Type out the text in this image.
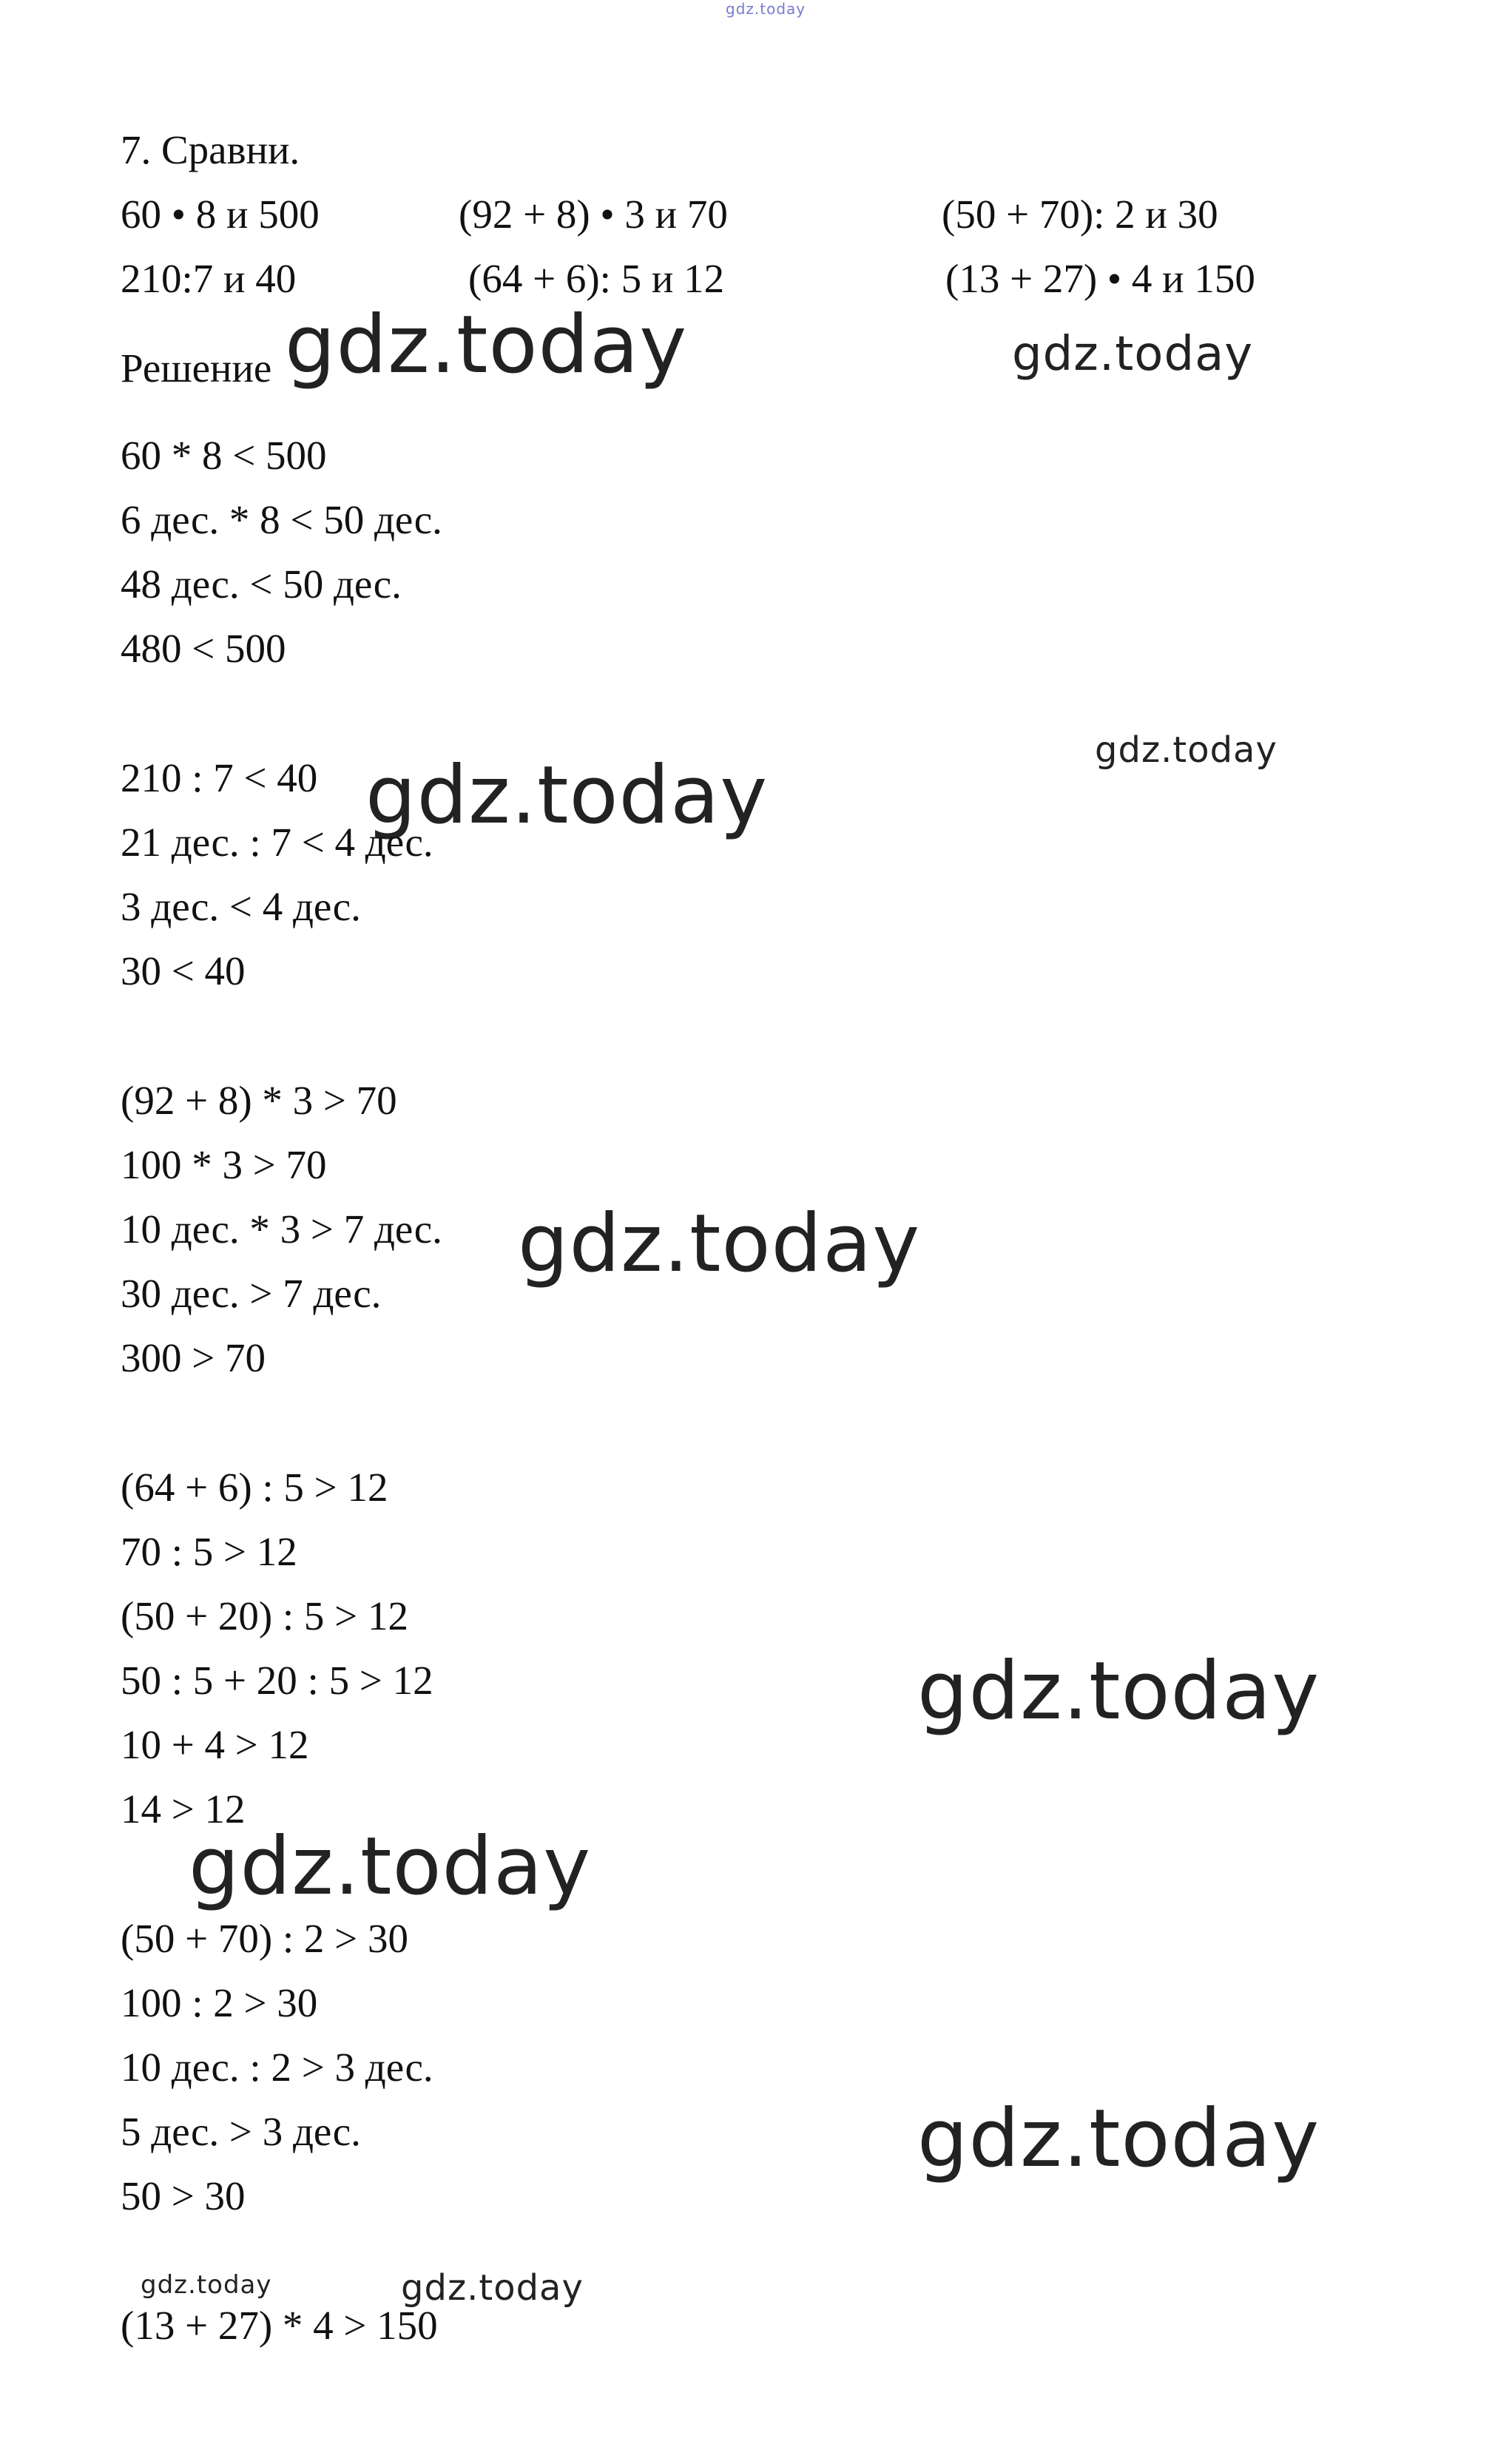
gdz.today
gdz.today	gdz.today
gdz.today
gdz.today
gdz.today
gdz.today
gdz.today
gdz.today
gdz.today	gdz.today
7. Сравни.
60 • 8 и 500	(92 + 8) • 3 и 70	(50 + 70): 2 и 30
210:7 и 40	(64 + 6): 5 и 12	(13 + 27) • 4 и 150
Решение
60 * 8 < 500
6 дес. * 8 < 50 дес.
48 дес. < 50 дес.
480 < 500
210 : 7 < 40
21 дес. : 7 < 4 дес.
3 дес. < 4 дес.
30 < 40
(92 + 8) * 3 > 70
100 * 3 > 70
10 дес. * 3 > 7 дес.
30 дес. > 7 дес.
300 > 70
(64 + 6) : 5 > 12
70 : 5 > 12
(50 + 20) : 5 > 12
50 : 5 + 20 : 5 > 12
10 + 4 > 12
14 > 12
(50 + 70) : 2 > 30
100 : 2 > 30
10 дес. : 2 > 3 дес.
5 дес. > 3 дес.
50 > 30
(13 + 27) * 4 > 150
